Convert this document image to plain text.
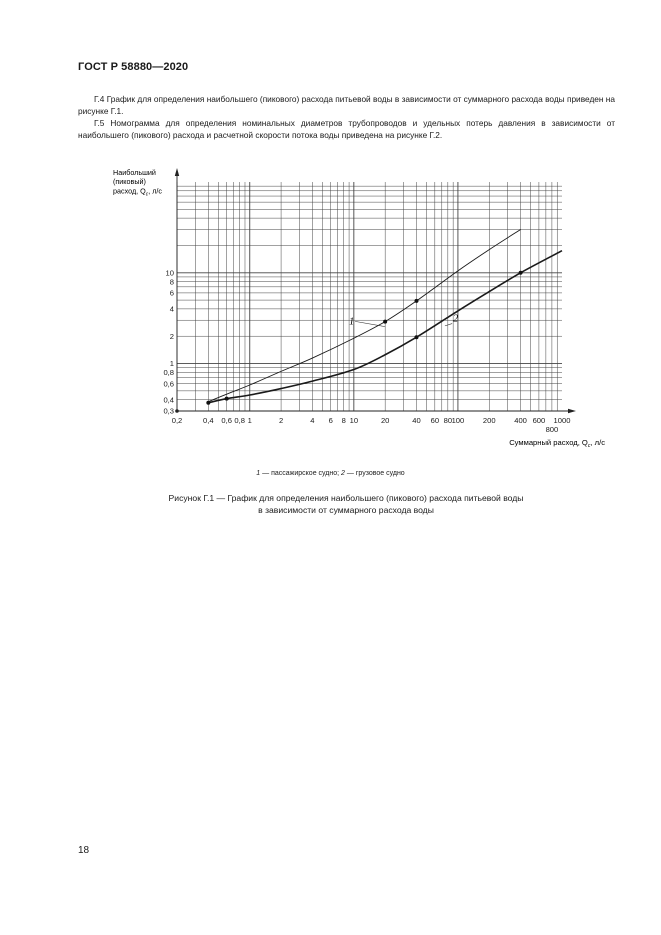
ГОСТ Р 58880—2020
Г.4 График для определения наибольшего (пикового) расхода питьевой воды в зависимости от суммарного расхода воды приведен на рисунке Г.1.
Г.5 Номограмма для определения номинальных диаметров трубопроводов и удельных потерь давления в зависимости от наибольшего (пикового) расхода и расчетной скорости потока воды приведена на рисунке Г.2.
0,2	0,4 0,6 0,8 1	2	4 6 8 10	20	40 60 80 100 200 400 600
800
1000
0,3
0,4
0,6
0,8
1
2
4
6
8
10
Наибольший
(пиковый)
расход, $Q_c$, л/с
Суммарный расход, $Q_c$, л/с
1	2
1 — пассажирское судно; 2 — грузовое судно
Рисунок Г.1 — График для определения наибольшего (пикового) расхода питьевой воды
в зависимости от суммарного расхода воды
18
